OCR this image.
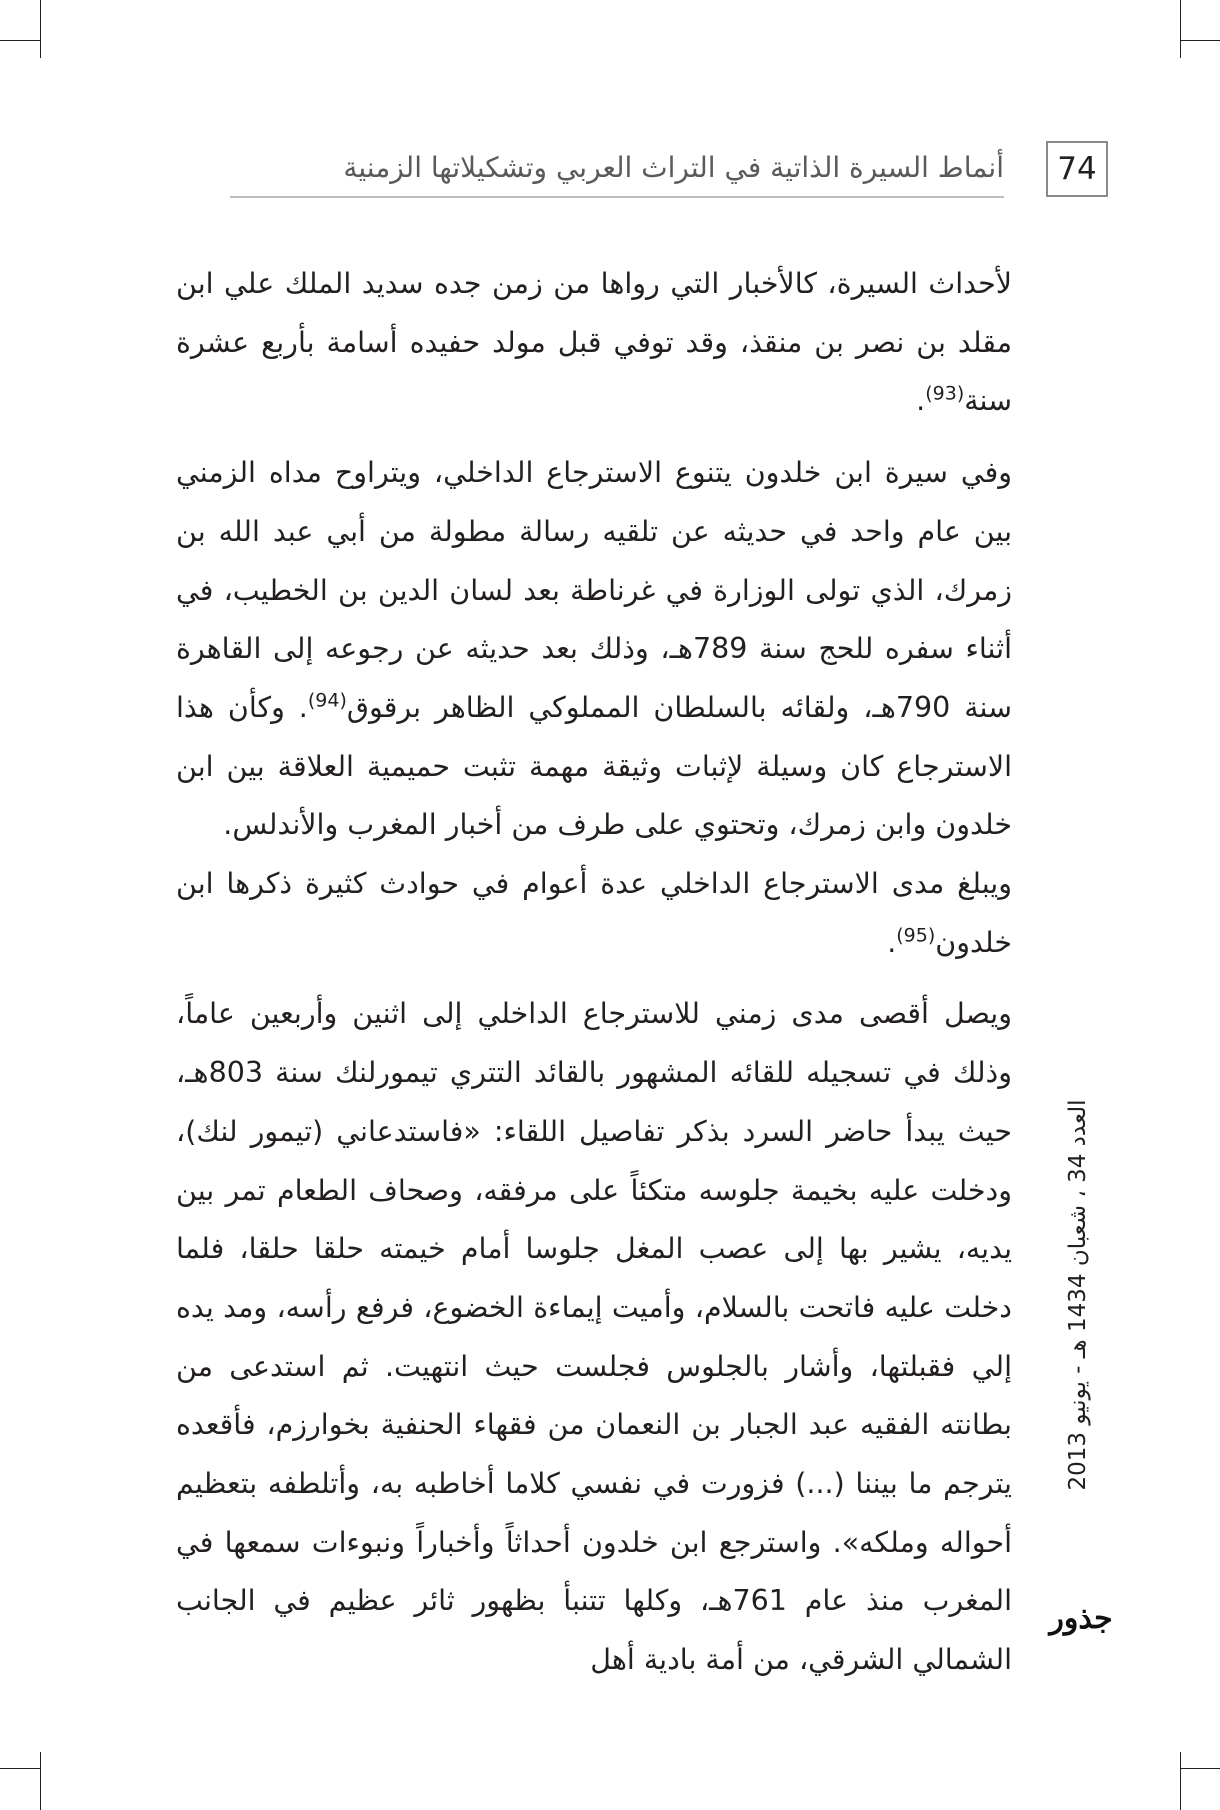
74
أنماط السيرة الذاتية في التراث العربي وتشكيلاتها الزمنية

لأحداث السيرة، كالأخبار التي رواها من زمن جده سديد الملك علي ابن مقلد بن نصر بن منقذ، وقد توفي قبل مولد حفيده أسامة بأربع عشرة سنة$^{(93)}$.

وفي سيرة ابن خلدون يتنوع الاسترجاع الداخلي، ويتراوح مداه الزمني بين عام واحد في حديثه عن تلقيه رسالة مطولة من أبي عبد الله بن زمرك، الذي تولى الوزارة في غرناطة بعد لسان الدين بن الخطيب، في أثناء سفره للحج سنة 789هـ، وذلك بعد حديثه عن رجوعه إلى القاهرة سنة 790هـ، ولقائه بالسلطان المملوكي الظاهر برقوق$^{(94)}$. وكأن هذا الاسترجاع كان وسيلة لإثبات وثيقة مهمة تثبت حميمية العلاقة بين ابن خلدون وابن زمرك، وتحتوي على طرف من أخبار المغرب والأندلس.

ويبلغ مدى الاسترجاع الداخلي عدة أعوام في حوادث كثيرة ذكرها ابن خلدون$^{(95)}$.

ويصل أقصى مدى زمني للاسترجاع الداخلي إلى اثنين وأربعين عاماً، وذلك في تسجيله للقائه المشهور بالقائد التتري تيمورلنك سنة 803هـ، حيث يبدأ حاضر السرد بذكر تفاصيل اللقاء: «فاستدعاني (تيمور لنك)، ودخلت عليه بخيمة جلوسه متكئاً على مرفقه، وصحاف الطعام تمر بين يديه، يشير بها إلى عصب المغل جلوسا أمام خيمته حلقا حلقا، فلما دخلت عليه فاتحت بالسلام، وأميت إيماءة الخضوع، فرفع رأسه، ومد يده إلي فقبلتها، وأشار بالجلوس فجلست حيث انتهيت. ثم استدعى من بطانته الفقيه عبد الجبار بن النعمان من فقهاء الحنفية بخوارزم، فأقعده يترجم ما بيننا (...) فزورت في نفسي كلاما أخاطبه به، وأتلطفه بتعظيم أحواله وملكه». واسترجع ابن خلدون أحداثاً وأخباراً ونبوءات سمعها في المغرب منذ عام 761هـ، وكلها تتنبأ بظهور ثائر عظيم في الجانب الشمالي الشرقي، من أمة بادية أهل

العدد 34 ، شعبان 1434 هـ - يونيو 2013
جذور
